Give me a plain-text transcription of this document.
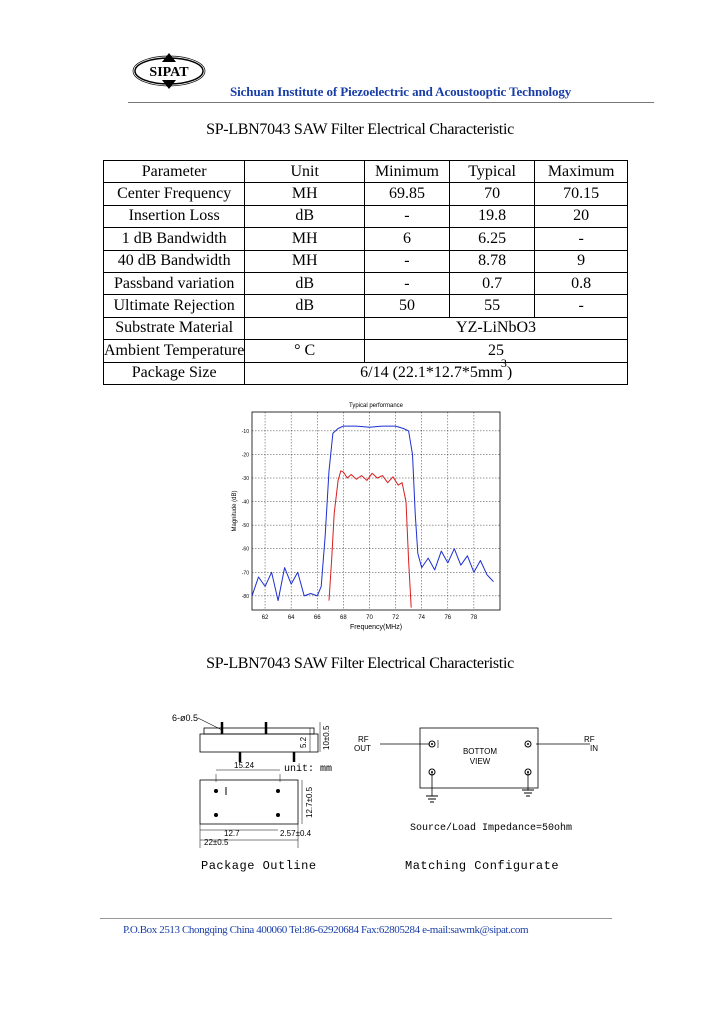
SIPAT
Sichuan Institute of Piezoelectric and Acoustooptic Technology
SP-LBN7043 SAW Filter Electrical Characteristic
Parameter	Unit	Minimum	Typical	Maximum
Center Frequency	MH	69.85	70	70.15
Insertion Loss	dB	-	19.8	20
1 dB Bandwidth	MH	6	6.25	-
40 dB Bandwidth	MH	-	8.78	9
Passband variation	dB	-	0.7	0.8
Ultimate Rejection	dB	50	55	-
Substrate Material		YZ-LiNbO3		
Ambient Temperature	° C	25		
Package Size	6/14 $(22.1*12.7*5mm^3)$			
Typical performance
Frequency(MHz)
Magnitude (dB)
62	64	66	68	70	72	74	76	78
-10
-20
-30
-40
-50
-60
-70
-80
SP-LBN7043 SAW Filter Electrical Characteristic
6-ø0.5
5.2 10±0.5
15.24	unit: mm
12.7±0.5
12.7	2.57±0.4
22±0.5
RF OUT
RF IN
BOTTOM VIEW
Source/Load Impedance=50ohm
Package Outline	Matching Configurate
P.O.Box 2513 Chongqing China 400060 Tel:86-62920684 Fax:62805284 e-mail:sawmk@sipat.com
